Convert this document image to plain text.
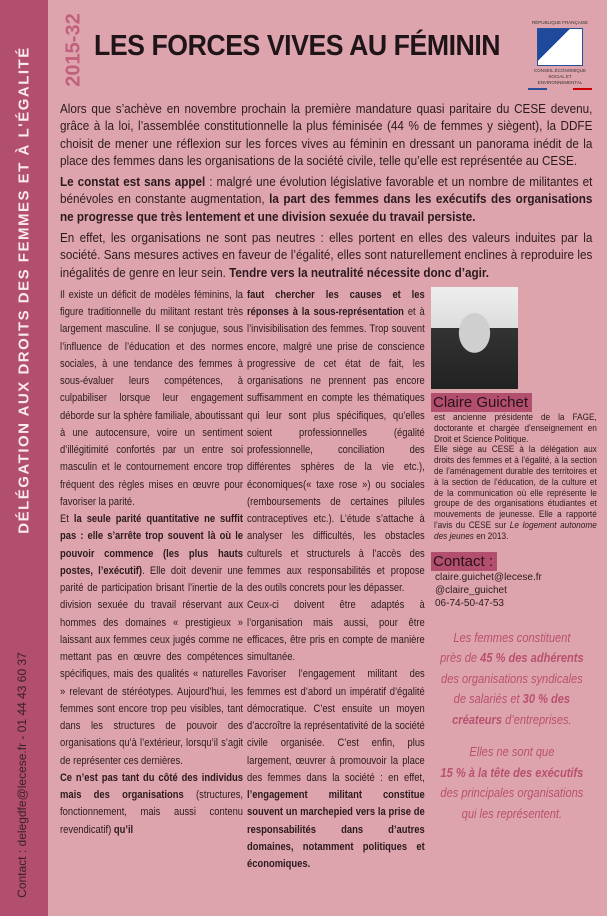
DÉLÉGATION AUX DROITS DES FEMMES ET À L'ÉGALITÉ
Contact : delegdfe@lecese.fr - 01 44 43 60 37
2015-32 LES FORCES VIVES AU FÉMININ
RÉPUBLIQUE FRANÇAISE
CONSEIL ÉCONOMIQUE SOCIAL ET ENVIRONNEMENTAL

Alors que s’achève en novembre prochain la première mandature quasi paritaire du CESE devenu, grâce à la loi, l’assemblée constitutionnelle la plus féminisée (44 % de femmes y siègent), la DDFE choisit de mener une réflexion sur les forces vives au féminin en dressant un panorama inédit de la place des femmes dans les organisations de la société civile, telle qu’elle est représentée au CESE.

Le constat est sans appel : malgré une évolution législative favorable et un nombre de militantes et bénévoles en constante augmentation, la part des femmes dans les exécutifs des organisations ne progresse que très lentement et une division sexuée du travail persiste.

En effet, les organisations ne sont pas neutres : elles portent en elles des valeurs induites par la société. Sans mesures actives en faveur de l’égalité, elles sont naturellement enclines à reproduire les inégalités de genre en leur sein. Tendre vers la neutralité nécessite donc d’agir.

Il existe un déficit de modèles féminins, la figure traditionnelle du militant restant très largement masculine. Il se conjugue, sous l’influence de l’éducation et des normes sociales, à une tendance des femmes à sous-évaluer leurs compétences, à culpabiliser lorsque leur engagement déborde sur la sphère familiale, aboutissant à une autocensure, voire un sentiment d’illégitimité confortés par un entre soi masculin et le contournement encore trop fréquent des règles mises en œuvre pour favoriser la parité.

Et la seule parité quantitative ne suffit pas : elle s’arrête trop souvent là où le pouvoir commence (les plus hauts postes, l’exécutif). Elle doit devenir une parité de participation brisant l’inertie de la division sexuée du travail réservant aux hommes des domaines « prestigieux » laissant aux femmes ceux jugés comme ne mettant pas en œuvre des compétences spécifiques, mais des qualités « naturelles » relevant de stéréotypes. Aujourd’hui, les femmes sont encore trop peu visibles, tant dans les structures de pouvoir des organisations qu’à l’extérieur, lorsqu’il s’agit de représenter ces dernières.

Ce n’est pas tant du côté des individus mais des organisations (structures, fonctionnement, mais aussi contenu revendicatif) qu’il

faut chercher les causes et les réponses à la sous-représentation et à l’invisibilisation des femmes. Trop souvent encore, malgré une prise de conscience progressive de cet état de fait, les organisations ne prennent pas encore suffisamment en compte les thématiques qui leur sont plus spécifiques, qu’elles soient professionnelles (égalité professionnelle, conciliation des différentes sphères de la vie etc.), économiques(« taxe rose ») ou sociales (remboursements de certaines pilules contraceptives etc.). L’étude s’attache à analyser les difficultés, les obstacles culturels et structurels à l’accès des femmes aux responsabilités et propose des outils concrets pour les dépasser.

Ceux-ci doivent être adaptés à l’organisation mais aussi, pour être efficaces, être pris en compte de manière simultanée.

Favoriser l’engagement militant des femmes est d’abord un impératif d’égalité démocratique. C’est ensuite un moyen d’accroître la représentativité de la société civile organisée. C’est enfin, plus largement, œuvrer à promouvoir la place des femmes dans la société : en effet, l’engagement militant constitue souvent un marchepied vers la prise de responsabilités dans d’autres domaines, notamment politiques et économiques.

Claire Guichet

est ancienne présidente de la FAGE, doctorante et chargée d’enseignement en Droit et Science Politique.

Elle siège au CESE à la délégation aux droits des femmes et à l’égalité, à la section de l’aménagement durable des territoires et à la section de l’éducation, de la culture et de la communication où elle représente le groupe de des organisations étudiantes et mouvements de jeunesse. Elle a rapporté l’avis du CESE sur Le logement autonome des jeunes en 2013.

Contact :
claire.guichet@lecese.fr
@claire_guichet
06-74-50-47-53
Les femmes constituent
près de 45 % des adhérents
des organisations syndicales
de salariés et 30 % des
créateurs d’entreprises.
Elles ne sont que
15 % à la tête des exécutifs
des principales organisations
qui les représentent.
